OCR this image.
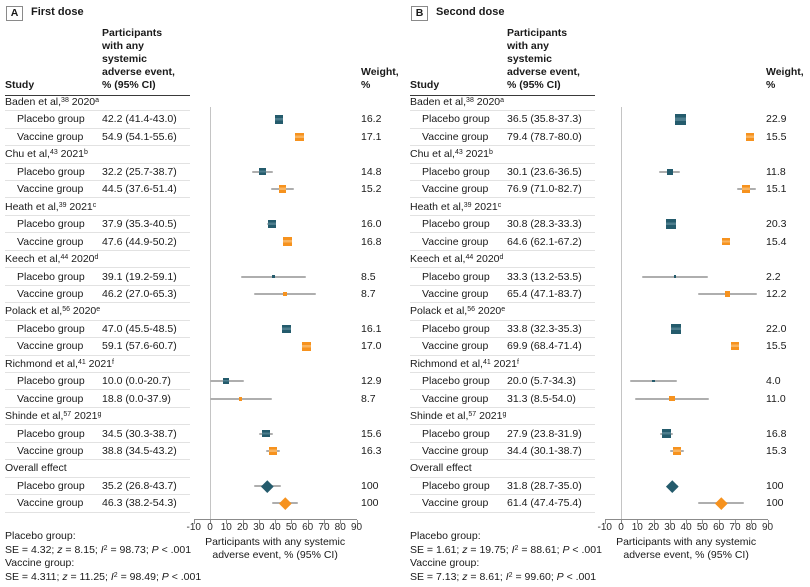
A	First dose
Study
Participants
with any
systemic
adverse event,
% (95% CI)
Weight,
%
Baden et al,$^{38}$ 2020$^a$
Placebo group 42.2 (41.4-43.0)	16.2
Vaccine group 54.9 (54.1-55.6)	17.1
Chu et al,$^{43}$ 2021$^b$
Placebo group 32.2 (25.7-38.7)	14.8
Vaccine group 44.5 (37.6-51.4)	15.2
Heath et al,$^{39}$ 2021$^c$
Placebo group 37.9 (35.3-40.5)	16.0
Vaccine group 47.6 (44.9-50.2)	16.8
Keech et al,$^{44}$ 2020$^d$
Placebo group 39.1 (19.2-59.1)	8.5
Vaccine group 46.2 (27.0-65.3)	8.7
Polack et al,$^{56}$ 2020e
Placebo group 47.0 (45.5-48.5)	16.1
Vaccine group 59.1 (57.6-60.7)	17.0
Richmond et al,$^{41}$ 2021$^f$
Placebo group 10.0 (0.0-20.7)	12.9
Vaccine group 18.8 (0.0-37.9)	8.7
Shinde et al,$^{57}$ 2021$^g$
Placebo group 34.5 (30.3-38.7)	15.6
Vaccine group 38.8 (34.5-43.2)	16.3
Overall effect
Placebo group 35.2 (26.8-43.7)	100
Vaccine group 46.3 (38.2-54.3)	100
-10 0 10 20 30 40 50 60 70 80 90
Participants with any systemic
adverse event, % (95% CI)
Placebo group:
SE = 4.32; z = 8.15; $I^2 = 98.73$; P < .001
Vaccine group:
SE = 4.311; z = 11.25; $I^2 = 98.49$; P < .001
B	Second dose
Study
Participants
with any
systemic
adverse event,
% (95% CI)
Weight,
%
Baden et al,$^{38}$ 2020$^a$
Placebo group 36.5 (35.8-37.3)	22.9
Vaccine group 79.4 (78.7-80.0)	15.5
Chu et al,$^{43}$ 2021$^b$
Placebo group 30.1 (23.6-36.5)	11.8
Vaccine group 76.9 (71.0-82.7)	15.1
Heath et al,$^{39}$ 2021$^c$
Placebo group 30.8 (28.3-33.3)	20.3
Vaccine group 64.6 (62.1-67.2)	15.4
Keech et al,$^{44}$ 2020$^d$
Placebo group 33.3 (13.2-53.5)	2.2
Vaccine group 65.4 (47.1-83.7)	12.2
Polack et al,$^{56}$ 2020e
Placebo group 33.8 (32.3-35.3)	22.0
Vaccine group 69.9 (68.4-71.4)	15.5
Richmond et al,$^{41}$ 2021$^f$
Placebo group 20.0 (5.7-34.3)	4.0
Vaccine group 31.3 (8.5-54.0)	11.0
Shinde et al,$^{57}$ 2021$^g$
Placebo group 27.9 (23.8-31.9)	16.8
Vaccine group 34.4 (30.1-38.7)	15.3
Overall effect
Placebo group 31.8 (28.7-35.0)	100
Vaccine group 61.4 (47.4-75.4)	100
-10 0 10 20 30 40 50 60 70 80 90
Participants with any systemic
adverse event, % (95% CI)
Placebo group:
SE = 1.61; z = 19.75; $I^2 = 88.61$; P < .001
Vaccine group:
SE = 7.13; z = 8.61; $I^2 = 99.60$; P < .001
